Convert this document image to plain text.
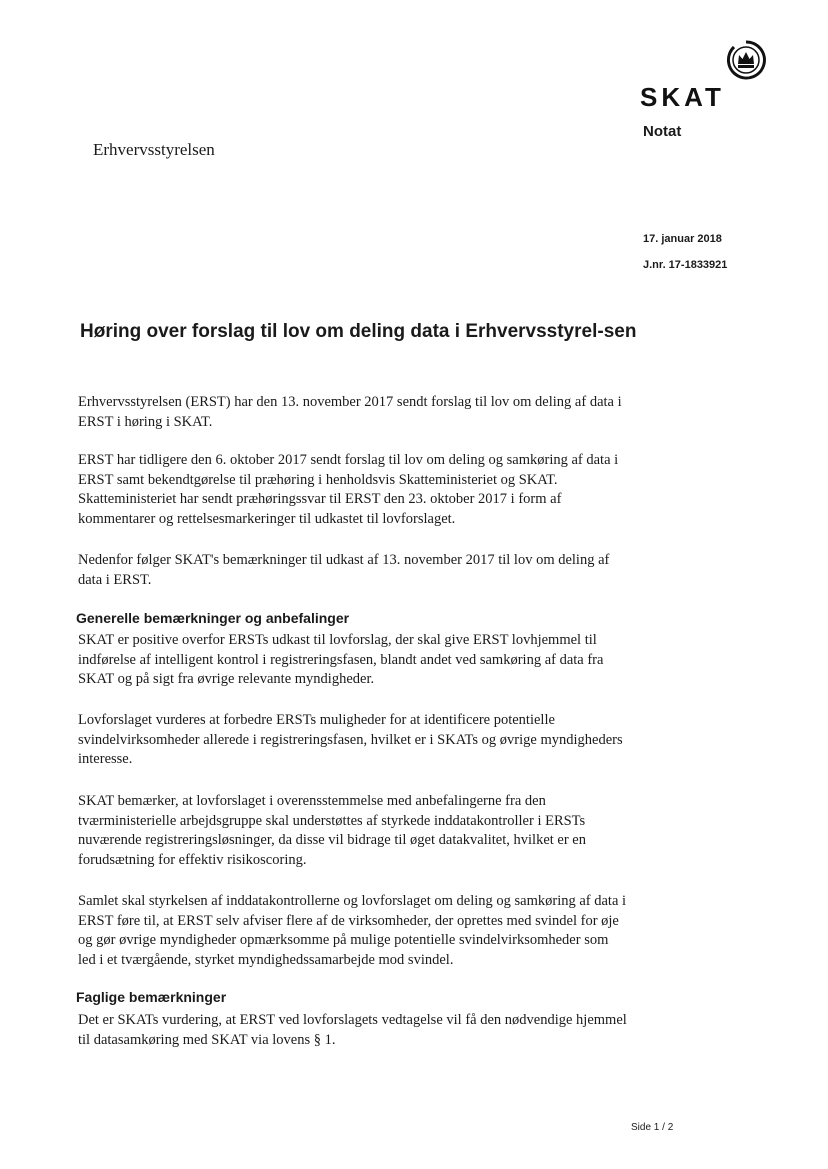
SKAT
Notat
Erhvervsstyrelsen
17. januar 2018
J.nr. 17-1833921
Høring over forslag til lov om deling data i Erhvervsstyrel-sen

Erhvervsstyrelsen (ERST) har den 13. november 2017 sendt forslag til lov om deling af data i ERST i høring i SKAT.

ERST har tidligere den 6. oktober 2017 sendt forslag til lov om deling og samkøring af data i ERST samt bekendtgørelse til præhøring i henholdsvis Skatteministeriet og SKAT. Skatteministeriet har sendt præhøringssvar til ERST den 23. oktober 2017 i form af kommentarer og rettelsesmarkeringer til udkastet til lovforslaget.

Nedenfor følger SKAT's bemærkninger til udkast af 13. november 2017 til lov om deling af data i ERST.

Generelle bemærkninger og anbefalinger

SKAT er positive overfor ERSTs udkast til lovforslag, der skal give ERST lovhjemmel til indførelse af intelligent kontrol i registreringsfasen, blandt andet ved samkøring af data fra SKAT og på sigt fra øvrige relevante myndigheder.

Lovforslaget vurderes at forbedre ERSTs muligheder for at identificere potentielle svindelvirksomheder allerede i registreringsfasen, hvilket er i SKATs og øvrige myndigheders interesse.

SKAT bemærker, at lovforslaget i overensstemmelse med anbefalingerne fra den tværministerielle arbejdsgruppe skal understøttes af styrkede inddatakontroller i ERSTs nuværende registreringsløsninger, da disse vil bidrage til øget datakvalitet, hvilket er en forudsætning for effektiv risikoscoring.

Samlet skal styrkelsen af inddatakontrollerne og lovforslaget om deling og samkøring af data i ERST føre til, at ERST selv afviser flere af de virksomheder, der oprettes med svindel for øje og gør øvrige myndigheder opmærksomme på mulige potentielle svindelvirksomheder som led i et tværgående, styrket myndighedssamarbejde mod svindel.

Faglige bemærkninger

Det er SKATs vurdering, at ERST ved lovforslagets vedtagelse vil få den nødvendige hjemmel til datasamkøring med SKAT via lovens § 1.

Side 1 / 2
